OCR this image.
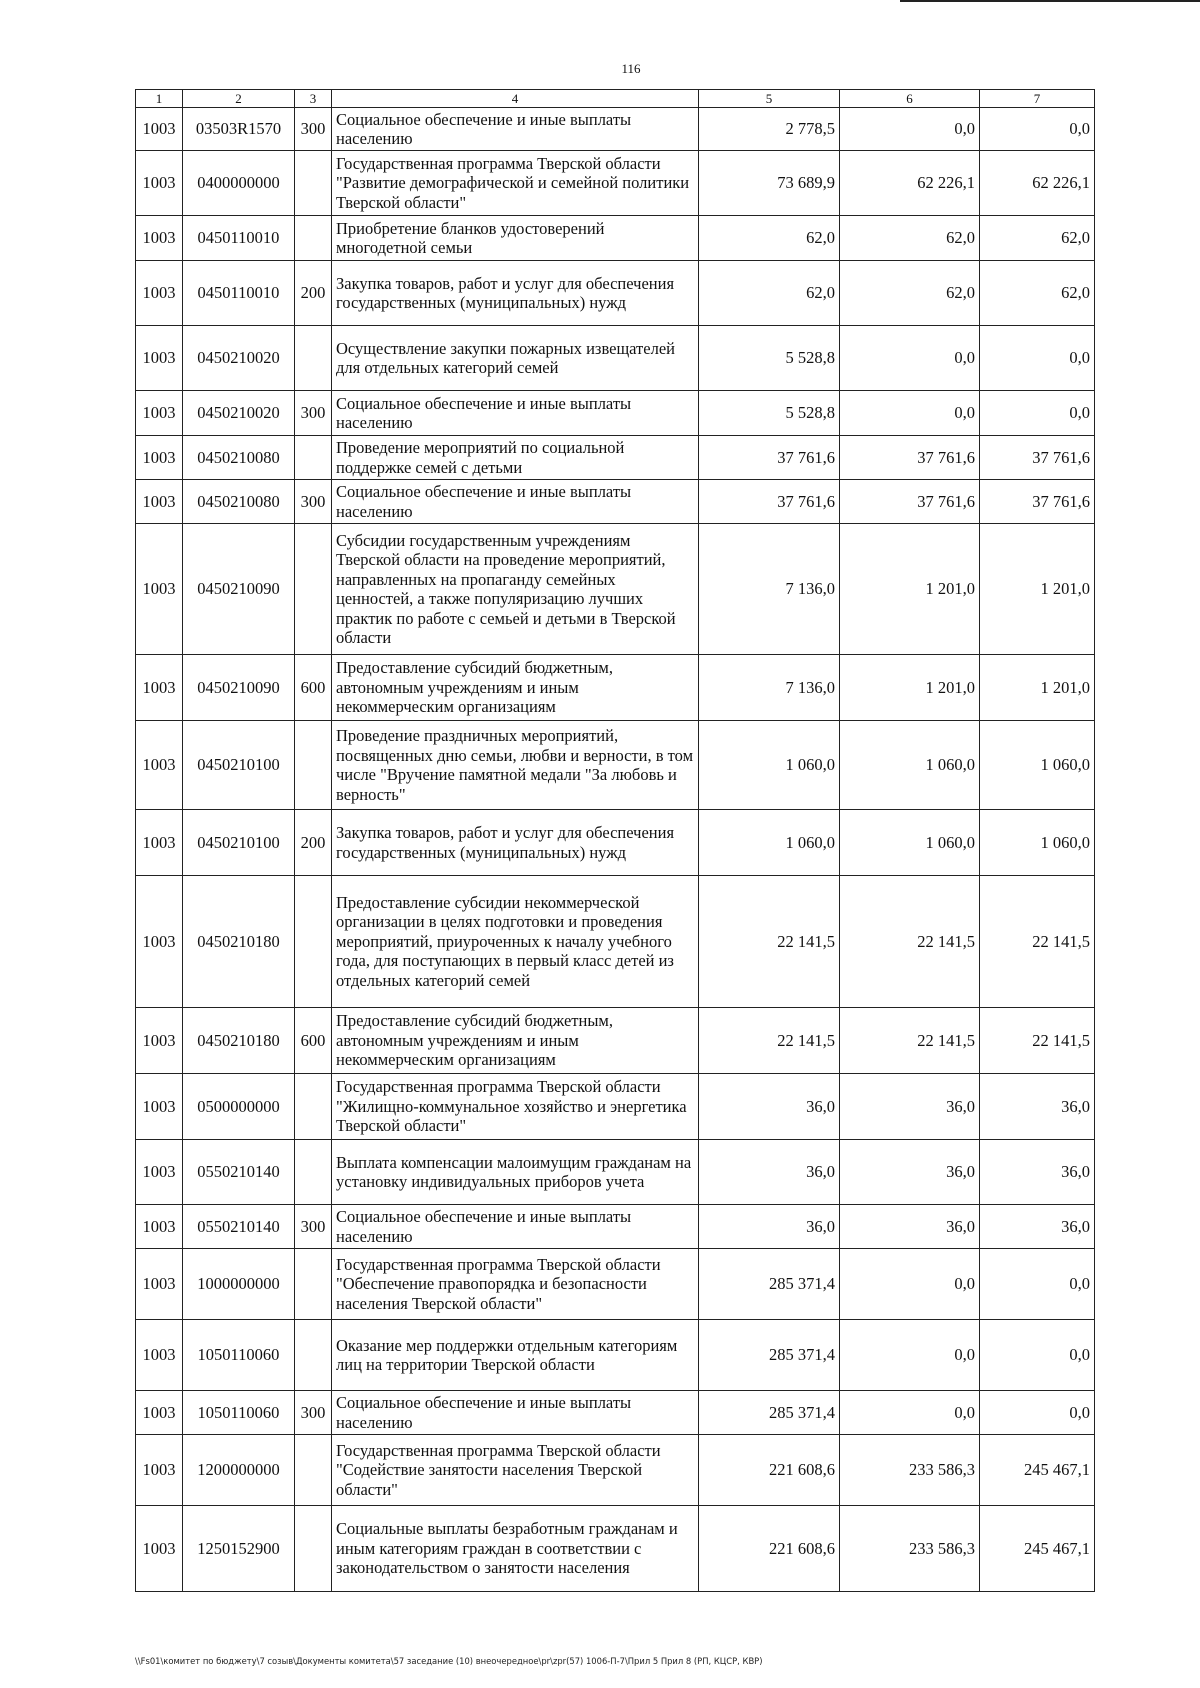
116
1	2	3	4	5	6	7
1003	03503R1570	300	Социальное обеспечение и иные выплаты населению	2 778,5	0,0	0,0
1003	0400000000		Государственная программа Тверской области "Развитие демографической и семейной политики Тверской области"	73 689,9	62 226,1	62 226,1
1003	0450110010		Приобретение бланков удостоверений многодетной семьи	62,0	62,0	62,0
1003	0450110010	200	Закупка товаров, работ и услуг для обеспечения государственных (муниципальных) нужд	62,0	62,0	62,0
1003	0450210020		Осуществление закупки пожарных извещателей для отдельных категорий семей	5 528,8	0,0	0,0
1003	0450210020	300	Социальное обеспечение и иные выплаты населению	5 528,8	0,0	0,0
1003	0450210080		Проведение мероприятий по социальной поддержке семей с детьми	37 761,6	37 761,6	37 761,6
1003	0450210080	300	Социальное обеспечение и иные выплаты населению	37 761,6	37 761,6	37 761,6
1003	0450210090		Субсидии государственным учреждениям Тверской области на проведение мероприятий, направленных на пропаганду семейных ценностей, а также популяризацию лучших практик по работе с семьей и детьми в Тверской области	7 136,0	1 201,0	1 201,0
1003	0450210090	600	Предоставление субсидий бюджетным, автономным учреждениям и иным некоммерческим организациям	7 136,0	1 201,0	1 201,0
1003	0450210100		Проведение праздничных мероприятий, посвященных дню семьи, любви и верности, в том числе "Вручение памятной медали "За любовь и верность"	1 060,0	1 060,0	1 060,0
1003	0450210100	200	Закупка товаров, работ и услуг для обеспечения государственных (муниципальных) нужд	1 060,0	1 060,0	1 060,0
1003	0450210180		Предоставление субсидии некоммерческой организации в целях подготовки и проведения мероприятий, приуроченных к началу учебного года, для поступающих в первый класс детей из отдельных категорий семей	22 141,5	22 141,5	22 141,5
1003	0450210180	600	Предоставление субсидий бюджетным, автономным учреждениям и иным некоммерческим организациям	22 141,5	22 141,5	22 141,5
1003	0500000000		Государственная программа Тверской области "Жилищно-коммунальное хозяйство и энергетика Тверской области"	36,0	36,0	36,0
1003	0550210140		Выплата компенсации малоимущим гражданам на установку индивидуальных приборов учета	36,0	36,0	36,0
1003	0550210140	300	Социальное обеспечение и иные выплаты населению	36,0	36,0	36,0
1003	1000000000		Государственная программа Тверской области "Обеспечение правопорядка и безопасности населения Тверской области"	285 371,4	0,0	0,0
1003	1050110060		Оказание мер поддержки отдельным категориям лиц на территории Тверской области	285 371,4	0,0	0,0
1003	1050110060	300	Социальное обеспечение и иные выплаты населению	285 371,4	0,0	0,0
1003	1200000000		Государственная программа Тверской области "Содействие занятости населения Тверской области"	221 608,6	233 586,3	245 467,1
1003	1250152900		Социальные выплаты безработным гражданам и иным категориям граждан в соответствии с законодательством о занятости населения	221 608,6	233 586,3	245 467,1
\\Fs01\комитет по бюджету\7 созыв\Документы комитета\57 заседание (10) внеочередное\pr\zpr(57) 1006-П-7\Прил 5 Прил 8 (РП, КЦСР, КВР)
